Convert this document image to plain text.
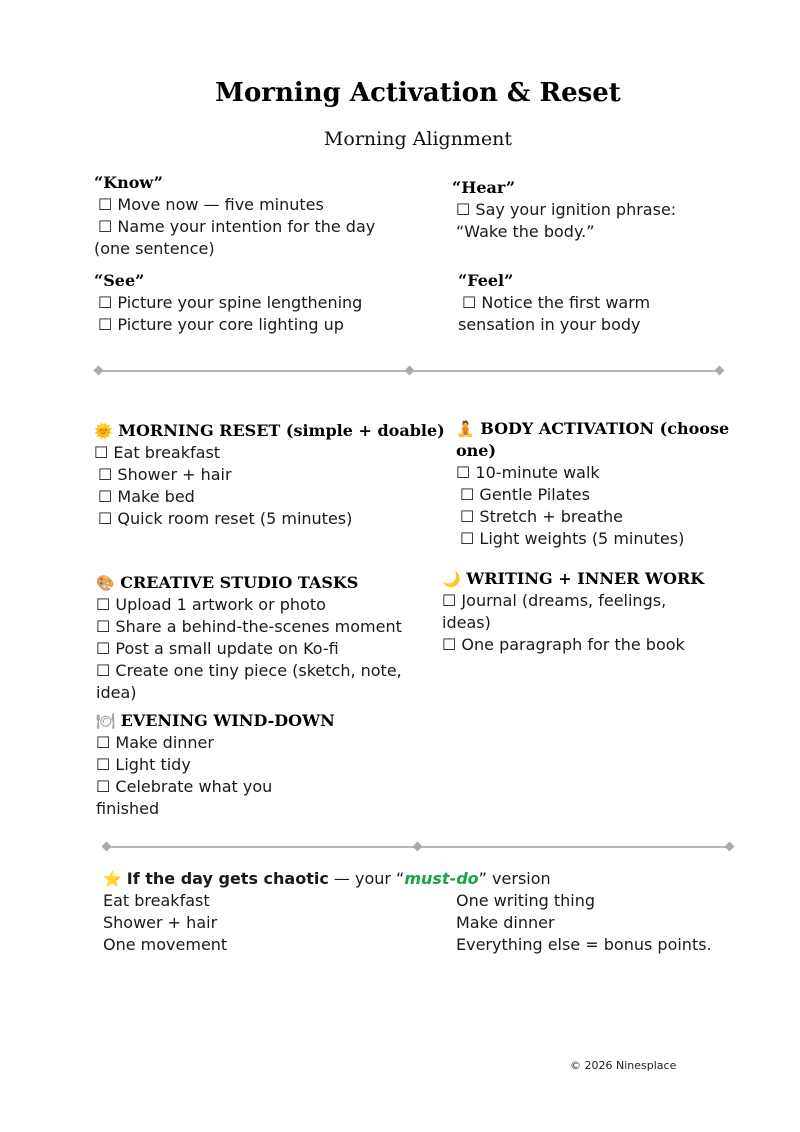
Morning Activation & Reset
Morning Alignment
“Know”
☐ Move now — five minutes
☐ Name your intention for the day
(one sentence)
“Hear”
☐ Say your ignition phrase:
“Wake the body.”
“See”
☐ Picture your spine lengthening
☐ Picture your core lighting up
“Feel”
☐ Notice the first warm
sensation in your body
🌞 MORNING RESET (simple + doable)
☐ Eat breakfast
☐ Shower + hair
☐ Make bed
☐ Quick room reset (5 minutes)
🧘 BODY ACTIVATION (choose
one)
☐ 10-minute walk
☐ Gentle Pilates
☐ Stretch + breathe
☐ Light weights (5 minutes)
🎨 CREATIVE STUDIO TASKS
☐ Upload 1 artwork or photo
☐ Share a behind-the-scenes moment
☐ Post a small update on Ko-fi
☐ Create one tiny piece (sketch, note,
idea)
🌙 WRITING + INNER WORK
☐ Journal (dreams, feelings,
ideas)
☐ One paragraph for the book
🍽 EVENING WIND-DOWN
☐ Make dinner
☐ Light tidy
☐ Celebrate what you
finished
⭐ If the day gets chaotic — your “must-do” version
Eat breakfast
Shower + hair
One movement
One writing thing
Make dinner
Everything else = bonus points.
© 2026 Ninesplace
